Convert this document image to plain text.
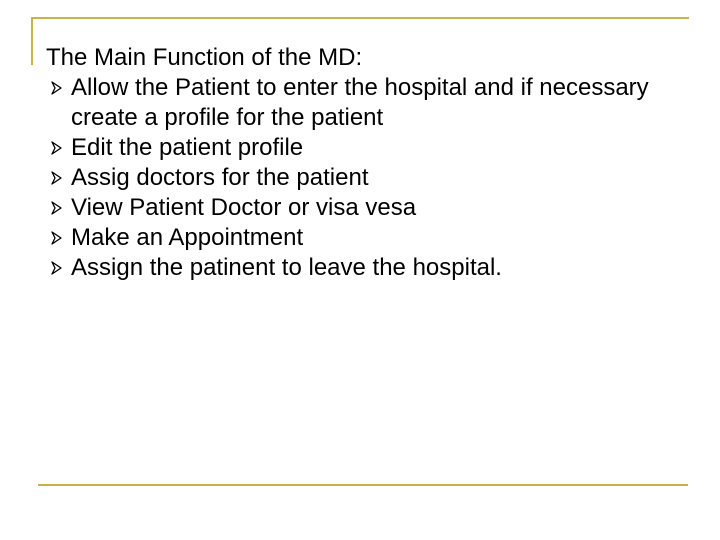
The Main Function of the MD:

Allow the Patient to enter the hospital and if necessary create a profile for the patient
Edit the patient profile
Assig doctors for the patient
View Patient Doctor or visa vesa
Make an Appointment
Assign the patinent to leave the hospital.
